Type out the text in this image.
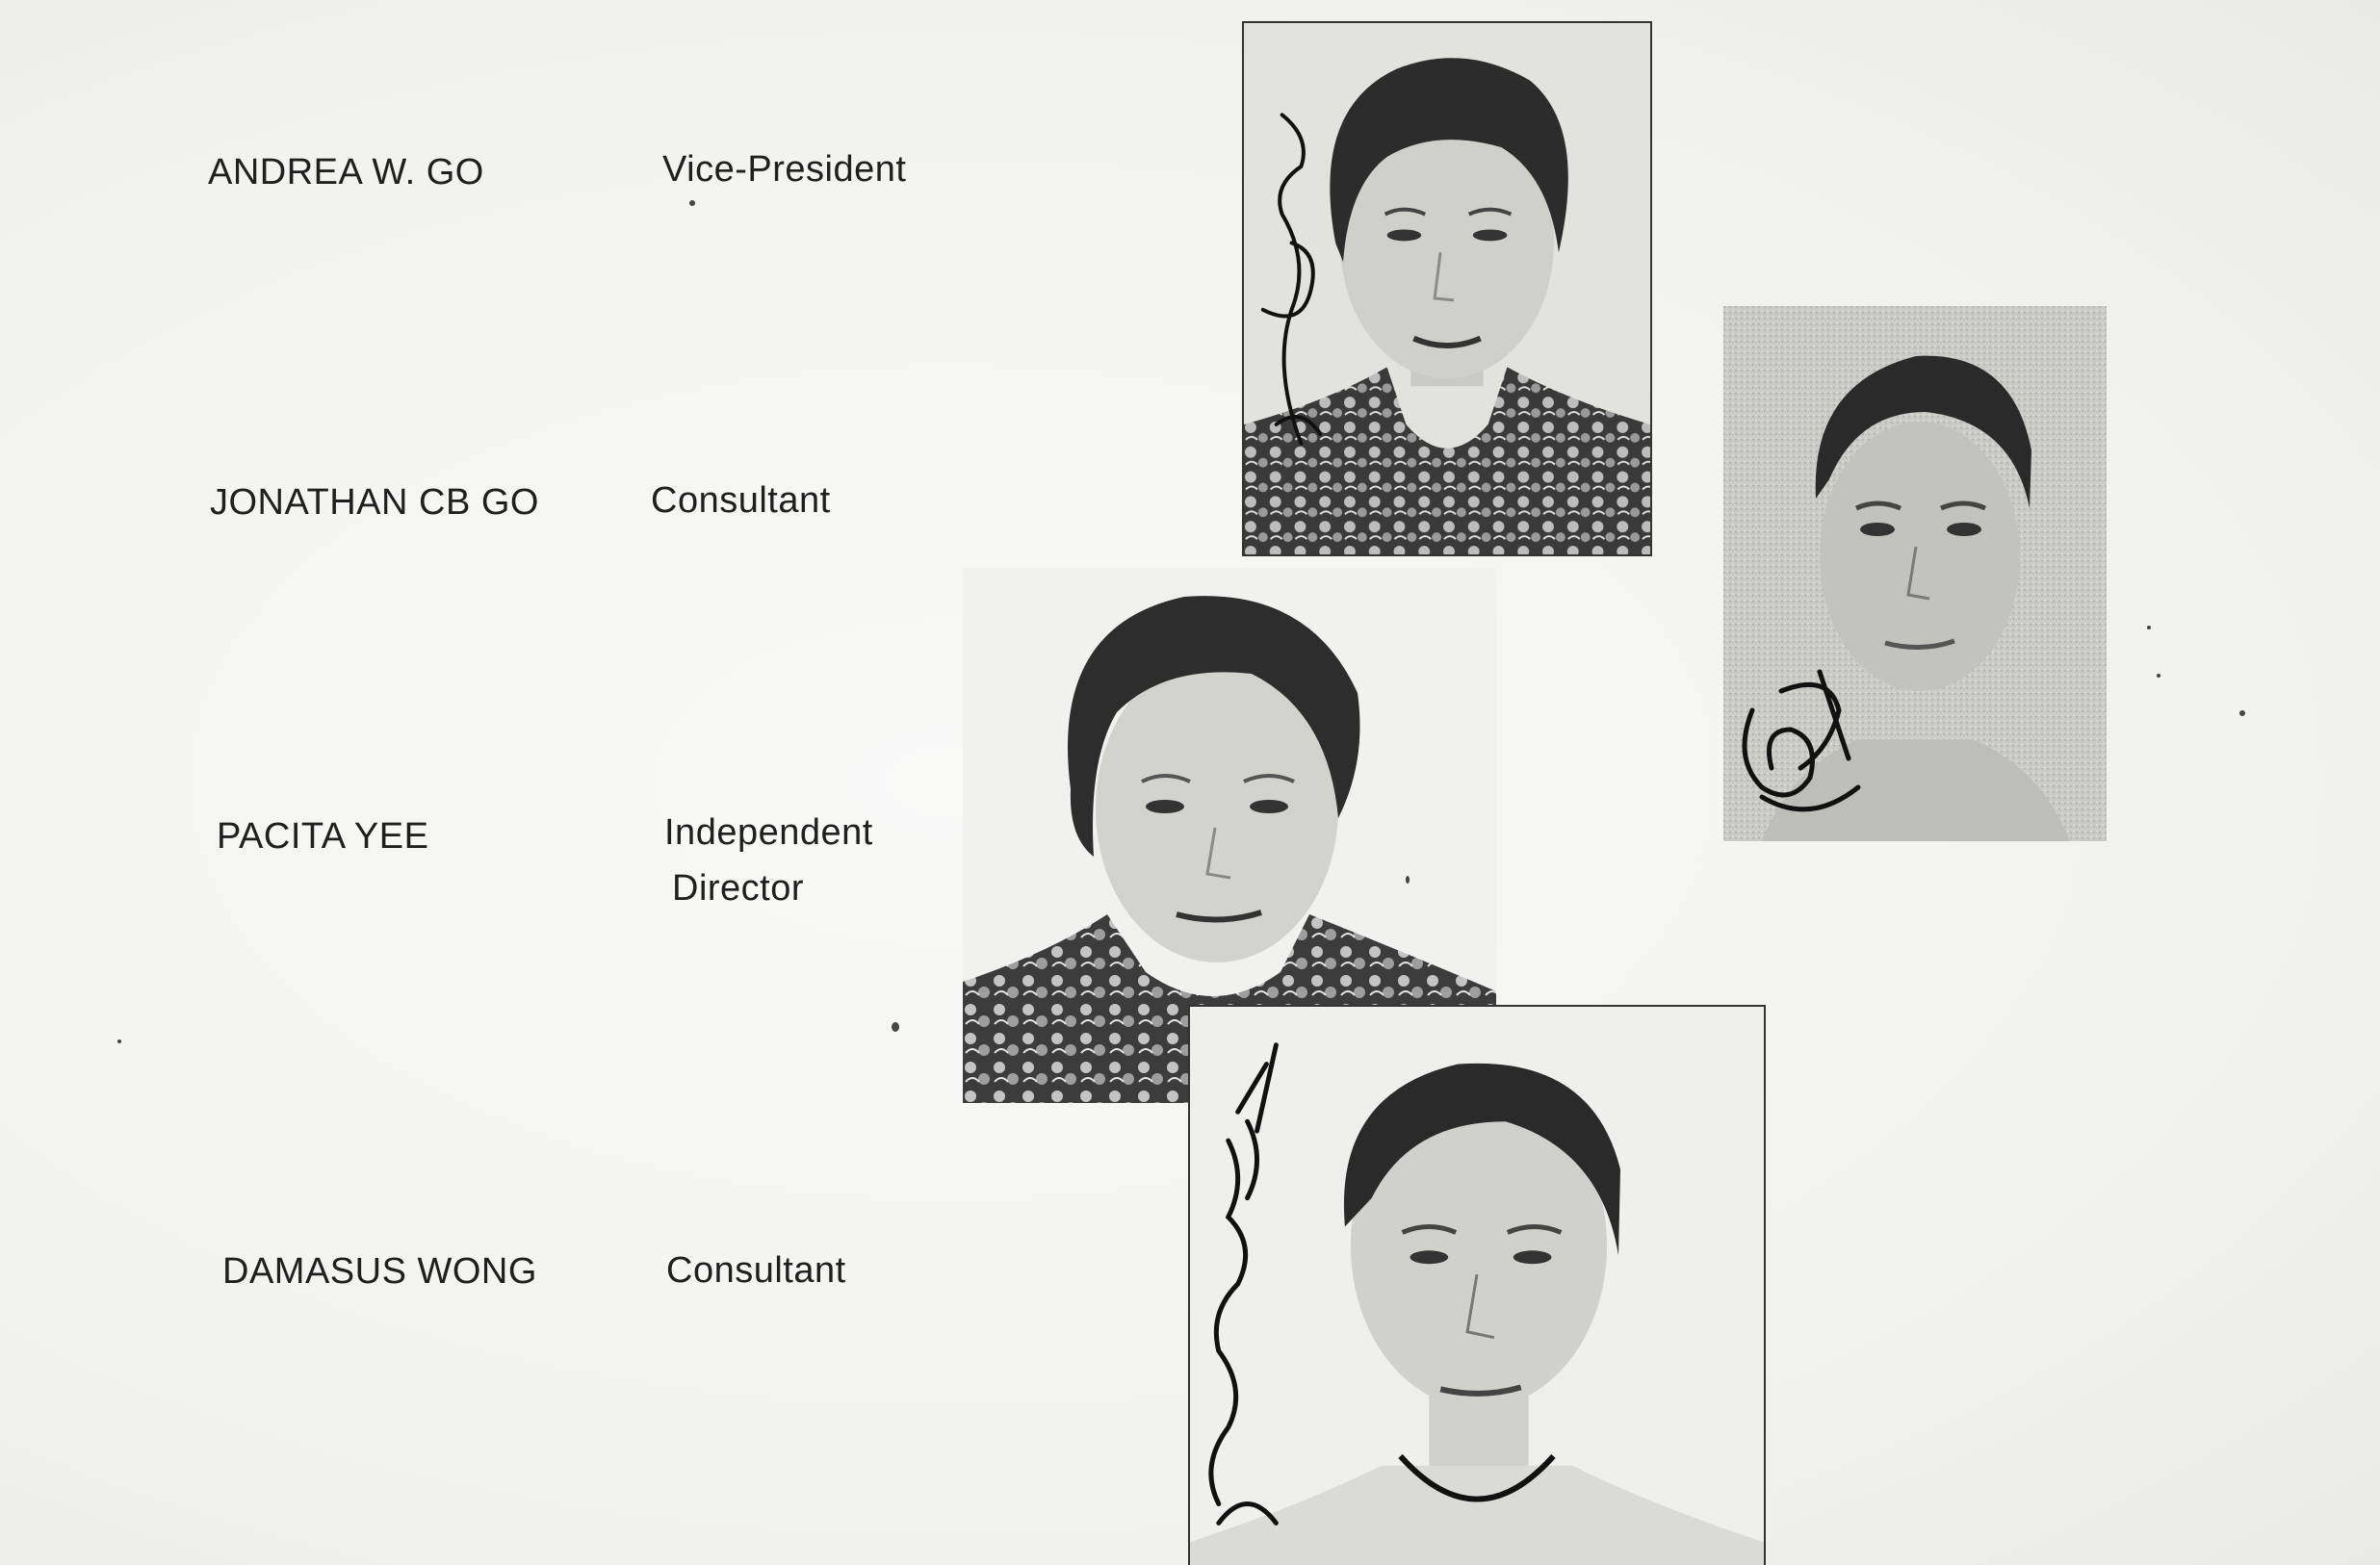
ANDREA W. GO	Vice-President
JONATHAN CB GO	Consultant
PACITA YEE	Independent
Director
DAMASUS WONG	Consultant
